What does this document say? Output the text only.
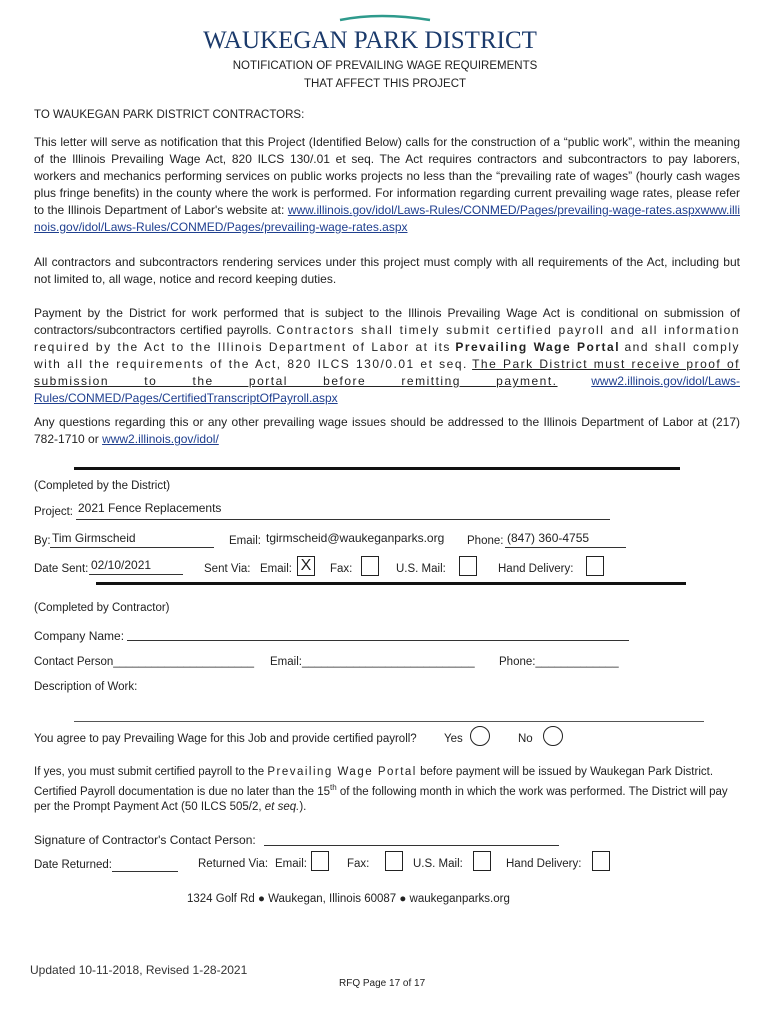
WAUKEGAN PARK DISTRICT
NOTIFICATION OF PREVAILING WAGE REQUIREMENTS
THAT AFFECT THIS PROJECT
TO WAUKEGAN PARK DISTRICT CONTRACTORS:
This letter will serve as notification that this Project (Identified Below) calls for the construction of a “public work”, within the meaning of the Illinois Prevailing Wage Act, 820 ILCS 130/.01 et seq. The Act requires contractors and subcontractors to pay laborers, workers and mechanics performing services on public works projects no less than the “prevailing rate of wages” (hourly cash wages plus fringe benefits) in the county where the work is performed. For information regarding current prevailing wage rates, please refer to the Illinois Department of Labor's website at: www.illinois.gov/idol/Laws-Rules/CONMED/Pages/prevailing-wage-rates.aspxwww.illinois.gov/idol/Laws-Rules/CONMED/Pages/prevailing-wage-rates.aspx
All contractors and subcontractors rendering services under this project must comply with all requirements of the Act, including but not limited to, all wage, notice and record keeping duties.
Payment by the District for work performed that is subject to the Illinois Prevailing Wage Act is conditional on submission of contractors/subcontractors certified payrolls. Contractors shall timely submit certified payroll and all information required by the Act to the Illinois Department of Labor at its Prevailing Wage Portal and shall comply with all the requirements of the Act, 820 ILCS 130/0.01 et seq. The Park District must receive proof of submission to the portal before remitting payment.	www2.illinois.gov/idol/Laws-Rules/CONMED/Pages/CertifiedTranscriptOfPayroll.aspx
Any questions regarding this or any other prevailing wage issues should be addressed to the Illinois Department of Labor at (217) 782-1710 or www2.illinois.gov/idol/
(Completed by the District)
Project: 2021 Fence Replacements
By: Tim Girmscheid	Email: tgirmscheid@waukeganparks.org Phone: (847) 360-4755
Date Sent: 02/10/2021	Sent Via: Email: X	Fax:	U.S. Mail:	Hand Delivery:
(Completed by Contractor)
Company Name:
Contact Person______________________ Email:___________________________ Phone:_____________
Description of Work:
You agree to pay Prevailing Wage for this Job and provide certified payroll? Yes	No
If yes, you must submit certified payroll to the Prevailing Wage Portal before payment will be issued by Waukegan Park District. Certified Payroll documentation is due no later than the 15th of the following month in which the work was performed. The District will pay per the Prompt Payment Act (50 ILCS 505/2, et seq.).
Signature of Contractor's Contact Person:
Date Returned:	Returned Via: Email:	Fax:	U.S. Mail:	Hand Delivery:
1324 Golf Rd ● Waukegan, Illinois 60087 ● waukeganparks.org
Updated 10-11-2018, Revised 1-28-2021
RFQ Page 17 of 17
